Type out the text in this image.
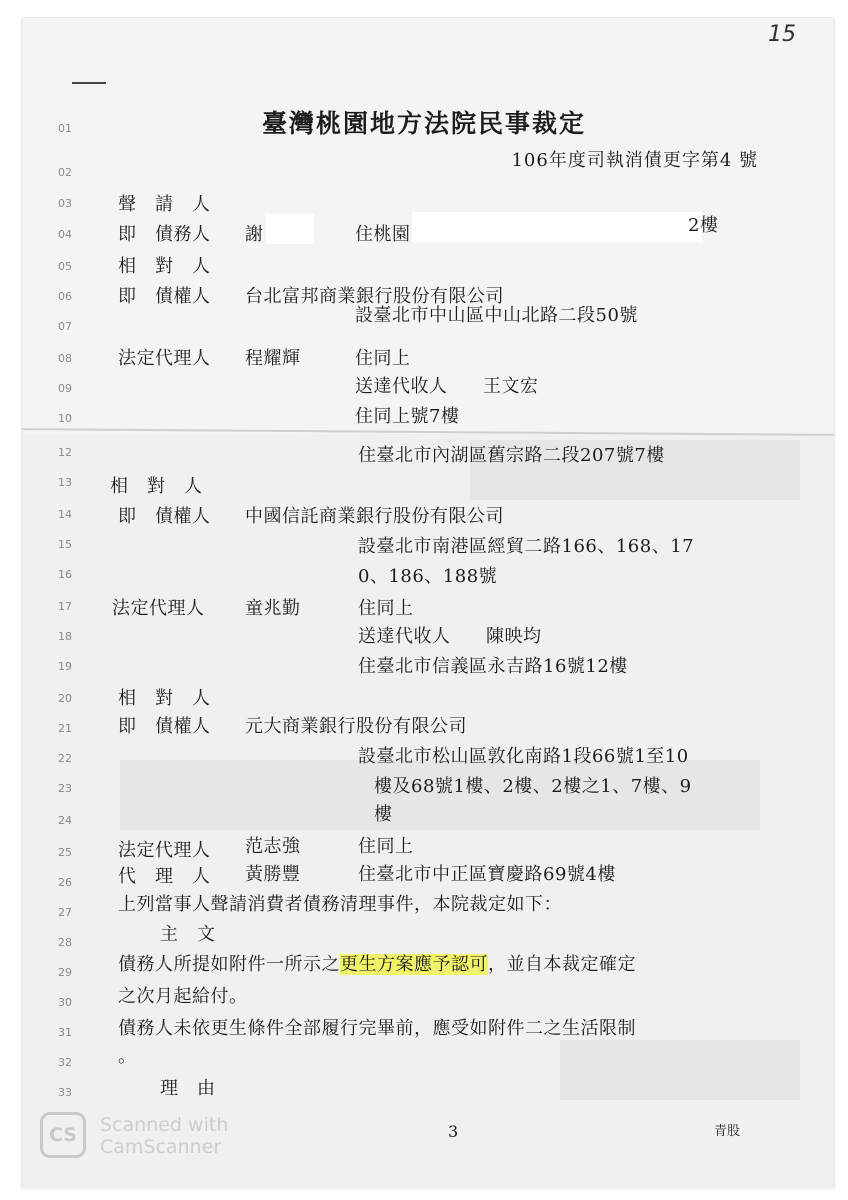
15
臺灣桃園地方法院民事裁定
106年度司執消債更字第4 號
01
02
03
04
05
06
07
08
09
10
12
13
14
15
16
17
18
19
20
21
22
23
24
25
26
27
28
29
30
31
32
33
聲　請　人
即　債務人 謝	住桃園	2樓
相　對　人
即　債權人 台北富邦商業銀行股份有限公司
設臺北市中山區中山北路二段50號
法定代理人 程耀輝	住同上
送達代收人 王文宏
住同上號7樓
住臺北市內湖區舊宗路二段207號7樓
相　對　人
即　債權人 中國信託商業銀行股份有限公司
設臺北市南港區經貿二路166、168、17
0、186、188號
法定代理人 童兆勤	住同上
送達代收人 陳映均
住臺北市信義區永吉路16號12樓
相　對　人
即　債權人 元大商業銀行股份有限公司
設臺北市松山區敦化南路1段66號1至10
樓及68號1樓、2樓、2樓之1、7樓、9
樓
法定代理人 范志強	住同上
代　理　人 黃勝豐	住臺北市中正區寶慶路69號4樓
上列當事人聲請消費者債務清理事件，本院裁定如下：
主　文
債務人所提如附件一所示之更生方案應予認可，並自本裁定確定
之次月起給付。
債務人未依更生條件全部履行完畢前，應受如附件二之生活限制
。
理　由
3	青股
CS	Scanned with
CamScanner
